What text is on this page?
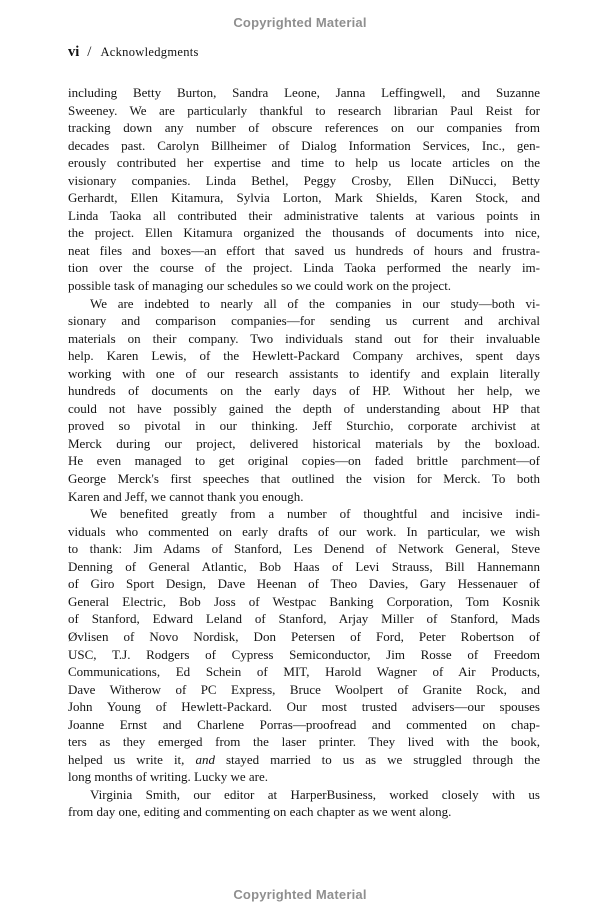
Copyrighted Material
vi / Acknowledgments
including Betty Burton, Sandra Leone, Janna Leffingwell, and Suzanne
Sweeney. We are particularly thankful to research librarian Paul Reist for
tracking down any number of obscure references on our companies from
decades past. Carolyn Billheimer of Dialog Information Services, Inc., gen-
erously contributed her expertise and time to help us locate articles on the
visionary companies. Linda Bethel, Peggy Crosby, Ellen DiNucci, Betty
Gerhardt, Ellen Kitamura, Sylvia Lorton, Mark Shields, Karen Stock, and
Linda Taoka all contributed their administrative talents at various points in
the project. Ellen Kitamura organized the thousands of documents into nice,
neat files and boxes—an effort that saved us hundreds of hours and frustra-
tion over the course of the project. Linda Taoka performed the nearly im-
possible task of managing our schedules so we could work on the project.
We are indebted to nearly all of the companies in our study—both vi-
sionary and comparison companies—for sending us current and archival
materials on their company. Two individuals stand out for their invaluable
help. Karen Lewis, of the Hewlett-Packard Company archives, spent days
working with one of our research assistants to identify and explain literally
hundreds of documents on the early days of HP. Without her help, we
could not have possibly gained the depth of understanding about HP that
proved so pivotal in our thinking. Jeff Sturchio, corporate archivist at
Merck during our project, delivered historical materials by the boxload.
He even managed to get original copies—on faded brittle parchment—of
George Merck's first speeches that outlined the vision for Merck. To both
Karen and Jeff, we cannot thank you enough.
We benefited greatly from a number of thoughtful and incisive indi-
viduals who commented on early drafts of our work. In particular, we wish
to thank: Jim Adams of Stanford, Les Denend of Network General, Steve
Denning of General Atlantic, Bob Haas of Levi Strauss, Bill Hannemann
of Giro Sport Design, Dave Heenan of Theo Davies, Gary Hessenauer of
General Electric, Bob Joss of Westpac Banking Corporation, Tom Kosnik
of Stanford, Edward Leland of Stanford, Arjay Miller of Stanford, Mads
Øvlisen of Novo Nordisk, Don Petersen of Ford, Peter Robertson of
USC, T.J. Rodgers of Cypress Semiconductor, Jim Rosse of Freedom
Communications, Ed Schein of MIT, Harold Wagner of Air Products,
Dave Witherow of PC Express, Bruce Woolpert of Granite Rock, and
John Young of Hewlett-Packard. Our most trusted advisers—our spouses
Joanne Ernst and Charlene Porras—proofread and commented on chap-
ters as they emerged from the laser printer. They lived with the book,
helped us write it, and stayed married to us as we struggled through the
long months of writing. Lucky we are.
Virginia Smith, our editor at HarperBusiness, worked closely with us
from day one, editing and commenting on each chapter as we went along.
Copyrighted Material
